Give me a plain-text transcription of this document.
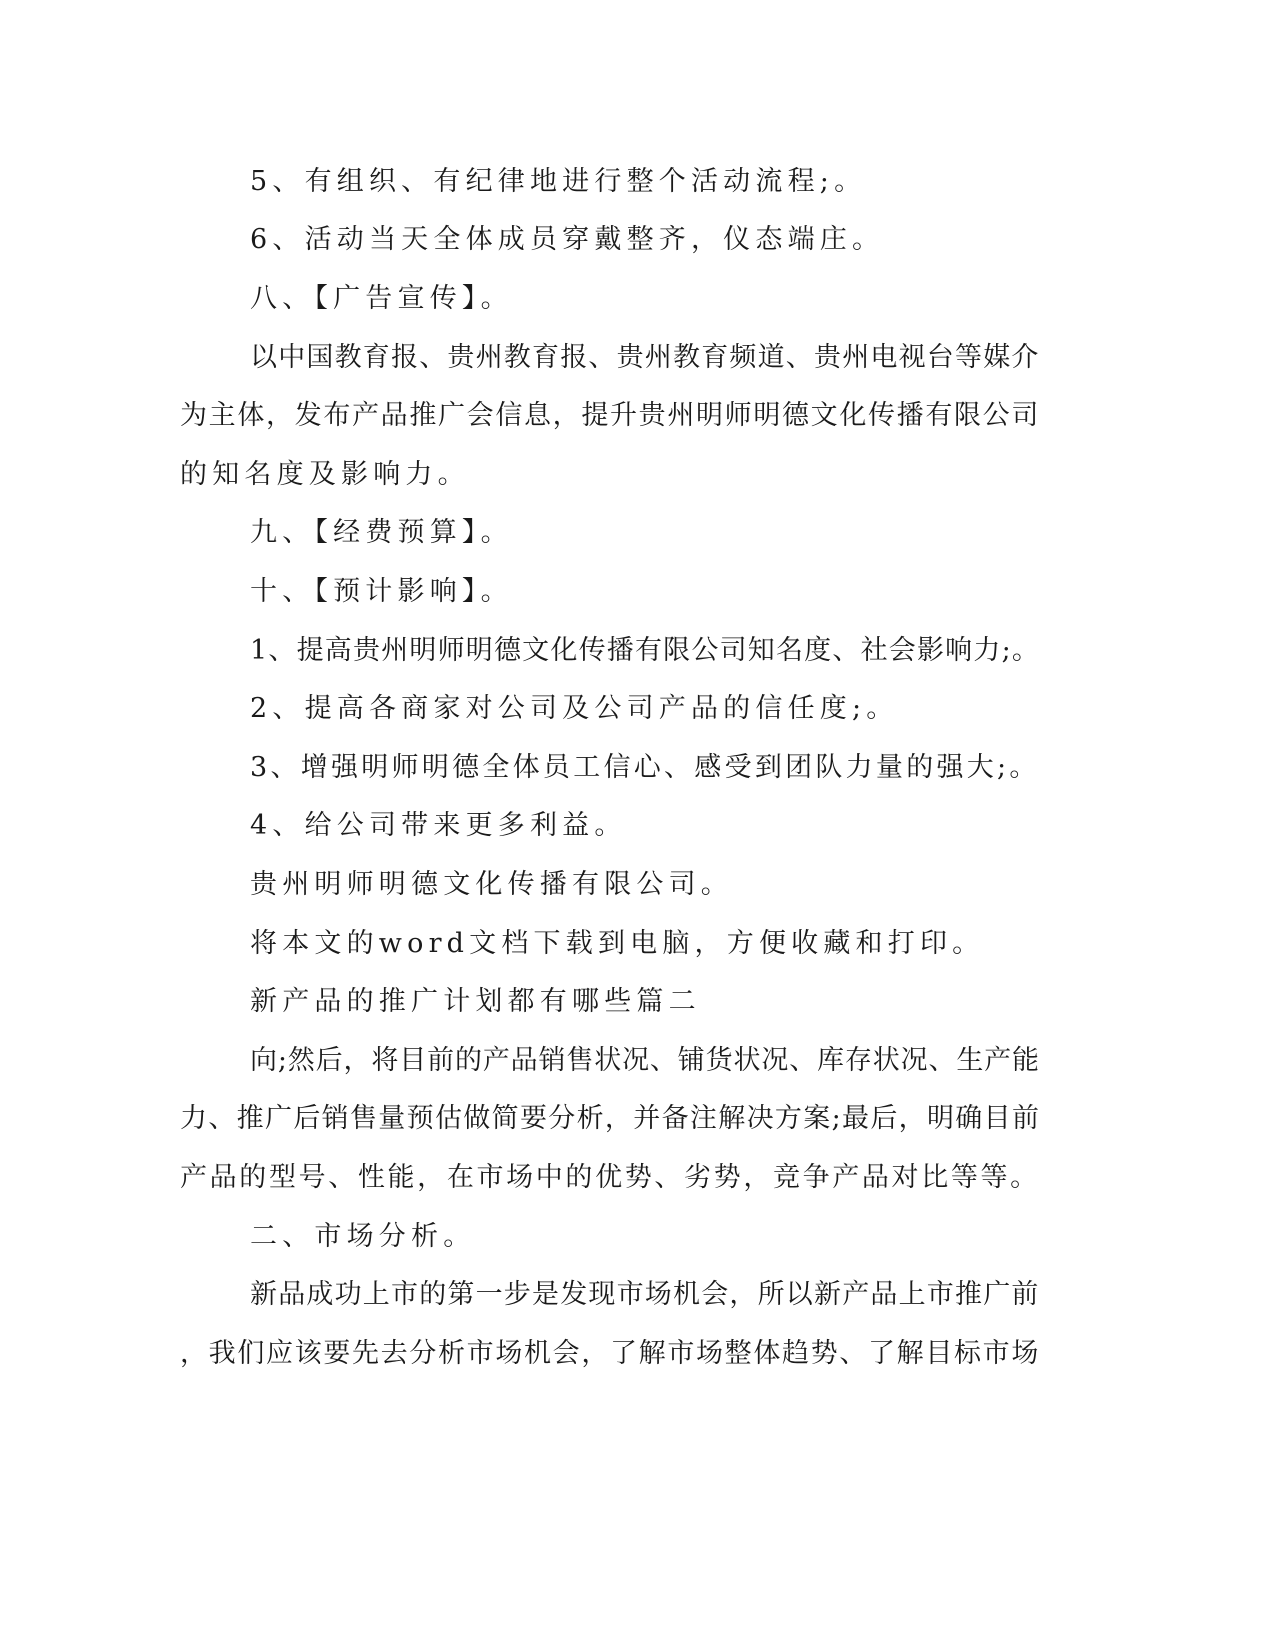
5、有组织、有纪律地进行整个活动流程;。
6、活动当天全体成员穿戴整齐，仪态端庄。
八、【广告宣传】。
以中国教育报、贵州教育报、贵州教育频道、贵州电视台等媒介
为主体，发布产品推广会信息，提升贵州明师明德文化传播有限公司
的知名度及影响力。
九、【经费预算】。
十、【预计影响】。
1、提高贵州明师明德文化传播有限公司知名度、社会影响力;。
2、提高各商家对公司及公司产品的信任度;。
3、增强明师明德全体员工信心、感受到团队力量的强大;。
4、给公司带来更多利益。
贵州明师明德文化传播有限公司。
将本文的word文档下载到电脑，方便收藏和打印。
新产品的推广计划都有哪些篇二
向;然后，将目前的产品销售状况、铺货状况、库存状况、生产能
力、推广后销售量预估做简要分析，并备注解决方案;最后，明确目前
产品的型号、性能，在市场中的优势、劣势，竞争产品对比等等。
二、市场分析。
新品成功上市的第一步是发现市场机会，所以新产品上市推广前
，我们应该要先去分析市场机会，了解市场整体趋势、了解目标市场
